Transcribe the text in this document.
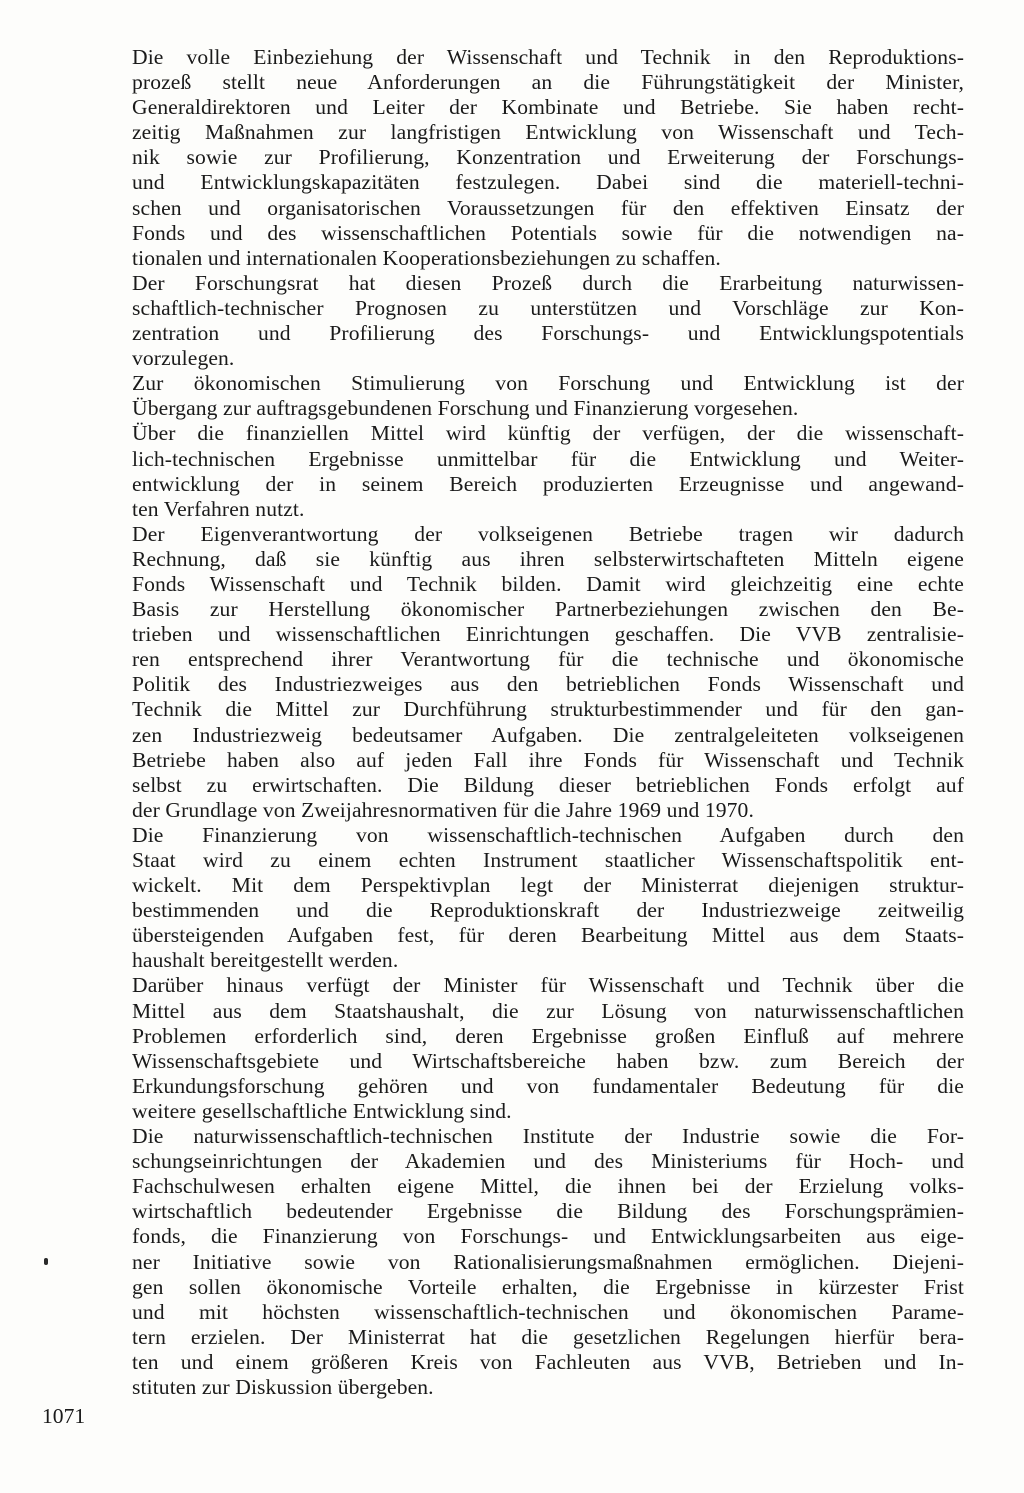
Die volle Einbeziehung der Wissenschaft und Technik in den Reproduktions-
prozeß stellt neue Anforderungen an die Führungstätigkeit der Minister,
Generaldirektoren und Leiter der Kombinate und Betriebe. Sie haben recht-
zeitig Maßnahmen zur langfristigen Entwicklung von Wissenschaft und Tech-
nik sowie zur Profilierung, Konzentration und Erweiterung der Forschungs-
und Entwicklungskapazitäten festzulegen. Dabei sind die materiell-techni-
schen und organisatorischen Voraussetzungen für den effektiven Einsatz der
Fonds und des wissenschaftlichen Potentials sowie für die notwendigen na-
tionalen und internationalen Kooperationsbeziehungen zu schaffen.

Der Forschungsrat hat diesen Prozeß durch die Erarbeitung naturwissen-
schaftlich-technischer Prognosen zu unterstützen und Vorschläge zur Kon-
zentration und Profilierung des Forschungs- und Entwicklungspotentials
vorzulegen.

Zur ökonomischen Stimulierung von Forschung und Entwicklung ist der
Übergang zur auftragsgebundenen Forschung und Finanzierung vorgesehen.

Über die finanziellen Mittel wird künftig der verfügen, der die wissenschaft-
lich-technischen Ergebnisse unmittelbar für die Entwicklung und Weiter-
entwicklung der in seinem Bereich produzierten Erzeugnisse und angewand-
ten Verfahren nutzt.

Der Eigenverantwortung der volkseigenen Betriebe tragen wir dadurch
Rechnung, daß sie künftig aus ihren selbsterwirtschafteten Mitteln eigene
Fonds Wissenschaft und Technik bilden. Damit wird gleichzeitig eine echte
Basis zur Herstellung ökonomischer Partnerbeziehungen zwischen den Be-
trieben und wissenschaftlichen Einrichtungen geschaffen. Die VVB zentralisie-
ren entsprechend ihrer Verantwortung für die technische und ökonomische
Politik des Industriezweiges aus den betrieblichen Fonds Wissenschaft und
Technik die Mittel zur Durchführung strukturbestimmender und für den gan-
zen Industriezweig bedeutsamer Aufgaben. Die zentralgeleiteten volkseigenen
Betriebe haben also auf jeden Fall ihre Fonds für Wissenschaft und Technik
selbst zu erwirtschaften. Die Bildung dieser betrieblichen Fonds erfolgt auf
der Grundlage von Zweijahresnormativen für die Jahre 1969 und 1970.

Die Finanzierung von wissenschaftlich-technischen Aufgaben durch den
Staat wird zu einem echten Instrument staatlicher Wissenschaftspolitik ent-
wickelt. Mit dem Perspektivplan legt der Ministerrat diejenigen struktur-
bestimmenden und die Reproduktionskraft der Industriezweige zeitweilig
übersteigenden Aufgaben fest, für deren Bearbeitung Mittel aus dem Staats-
haushalt bereitgestellt werden.

Darüber hinaus verfügt der Minister für Wissenschaft und Technik über die
Mittel aus dem Staatshaushalt, die zur Lösung von naturwissenschaftlichen
Problemen erforderlich sind, deren Ergebnisse großen Einfluß auf mehrere
Wissenschaftsgebiete und Wirtschaftsbereiche haben bzw. zum Bereich der
Erkundungsforschung gehören und von fundamentaler Bedeutung für die
weitere gesellschaftliche Entwicklung sind.

Die naturwissenschaftlich-technischen Institute der Industrie sowie die For-
schungseinrichtungen der Akademien und des Ministeriums für Hoch- und
Fachschulwesen erhalten eigene Mittel, die ihnen bei der Erzielung volks-
wirtschaftlich bedeutender Ergebnisse die Bildung des Forschungsprämien-
fonds, die Finanzierung von Forschungs- und Entwicklungsarbeiten aus eige-
ner Initiative sowie von Rationalisierungsmaßnahmen ermöglichen. Diejeni-
gen sollen ökonomische Vorteile erhalten, die Ergebnisse in kürzester Frist
und mit höchsten wissenschaftlich-technischen und ökonomischen Parame-
tern erzielen. Der Ministerrat hat die gesetzlichen Regelungen hierfür bera-
ten und einem größeren Kreis von Fachleuten aus VVB, Betrieben und In-
stituten zur Diskussion übergeben.

1071
